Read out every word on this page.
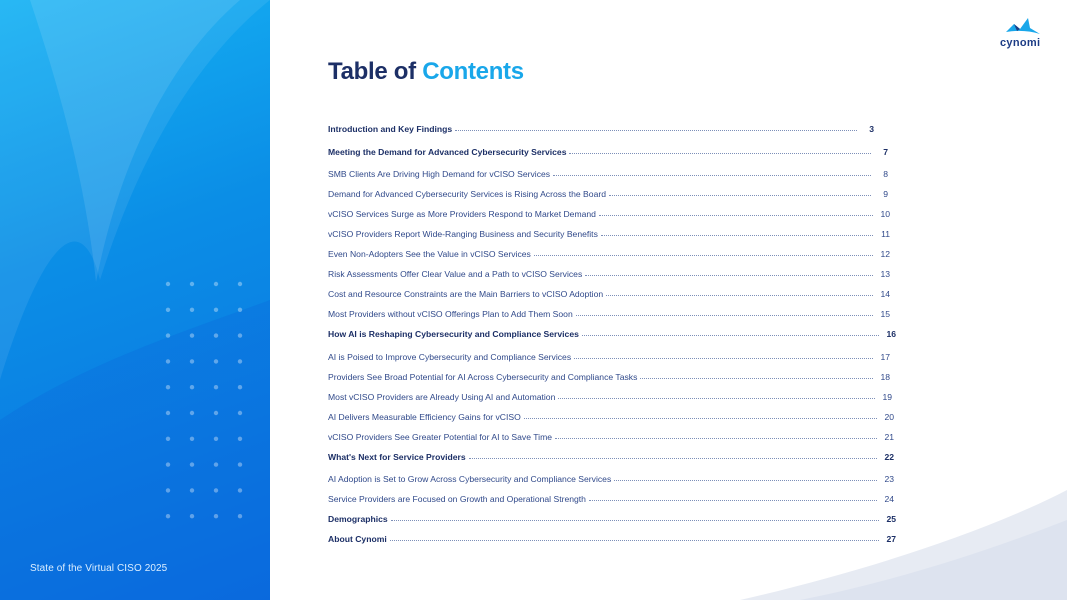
State of the Virtual CISO 2025
cynomi
Table of Contents
Introduction and Key Findings	3
Meeting the Demand for Advanced Cybersecurity Services	7
SMB Clients Are Driving High Demand for vCISO Services	8
Demand for Advanced Cybersecurity Services is Rising Across the Board	9
vCISO Services Surge as More Providers Respond to Market Demand	10
vCISO Providers Report Wide-Ranging Business and Security Benefits	11
Even Non-Adopters See the Value in vCISO Services	12
Risk Assessments Offer Clear Value and a Path to vCISO Services	13
Cost and Resource Constraints are the Main Barriers to vCISO Adoption	14
Most Providers without vCISO Offerings Plan to Add Them Soon	15
How AI is Reshaping Cybersecurity and Compliance Services	16
AI is Poised to Improve Cybersecurity and Compliance Services	17
Providers See Broad Potential for AI Across Cybersecurity and Compliance Tasks	18
Most vCISO Providers are Already Using AI and Automation	19
AI Delivers Measurable Efficiency Gains for vCISO	20
vCISO Providers See Greater Potential for AI to Save Time	21
What's Next for Service Providers	22
AI Adoption is Set to Grow Across Cybersecurity and Compliance Services	23
Service Providers are Focused on Growth and Operational Strength	24
Demographics	25
About Cynomi	27
